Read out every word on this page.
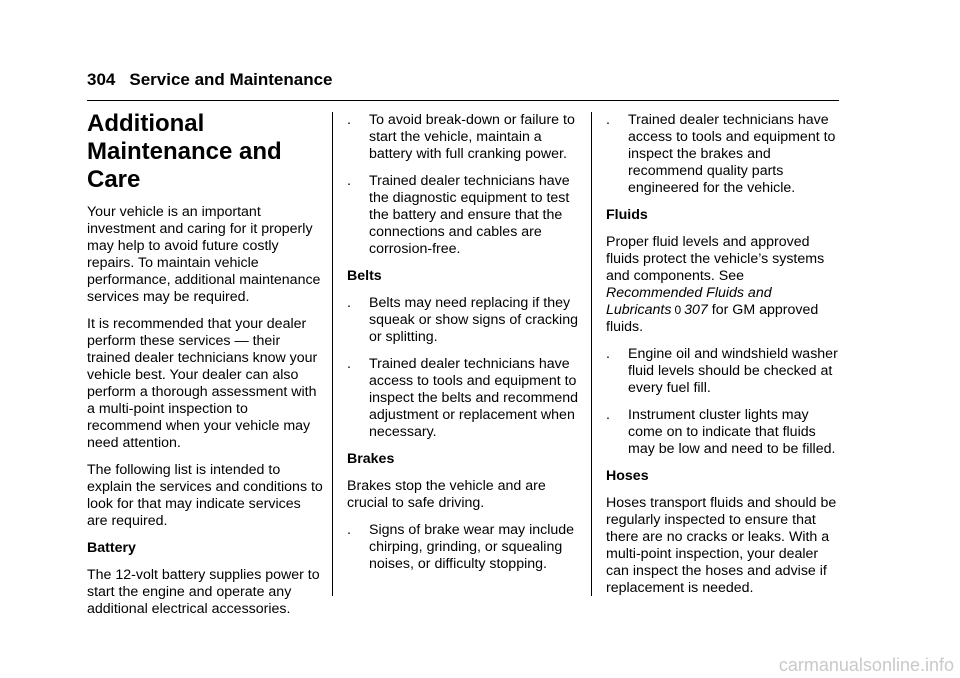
304 Service and Maintenance
Additional
Maintenance and Care

Your vehicle is an important investment and caring for it properly may help to avoid future costly repairs. To maintain vehicle performance, additional maintenance services may be required.

It is recommended that your dealer perform these services — their trained dealer technicians know your vehicle best. Your dealer can also perform a thorough assessment with a multi-point inspection to recommend when your vehicle may need attention.

The following list is intended to explain the services and conditions to look for that may indicate services are required.

Battery

The 12-volt battery supplies power to start the engine and operate any additional electrical accessories.

. To avoid break-down or failure to start the vehicle, maintain a battery with full cranking power.
. Trained dealer technicians have the diagnostic equipment to test the battery and ensure that the connections and cables are corrosion-free.
Belts
. Belts may need replacing if they squeak or show signs of cracking or splitting.
. Trained dealer technicians have access to tools and equipment to inspect the belts and recommend adjustment or replacement when necessary.
Brakes

Brakes stop the vehicle and are crucial to safe driving.

. Signs of brake wear may include chirping, grinding, or squealing noises, or difficulty stopping.
. Trained dealer technicians have access to tools and equipment to inspect the brakes and recommend quality parts engineered for the vehicle.
Fluids

Proper fluid levels and approved fluids protect the vehicle’s systems and components. See Recommended Fluids and Lubricants 0 307 for GM approved fluids.

. Engine oil and windshield washer fluid levels should be checked at every fuel fill.
. Instrument cluster lights may come on to indicate that fluids may be low and need to be filled.
Hoses

Hoses transport fluids and should be regularly inspected to ensure that there are no cracks or leaks. With a multi-point inspection, your dealer can inspect the hoses and advise if replacement is needed.

carmanualsonline.info
